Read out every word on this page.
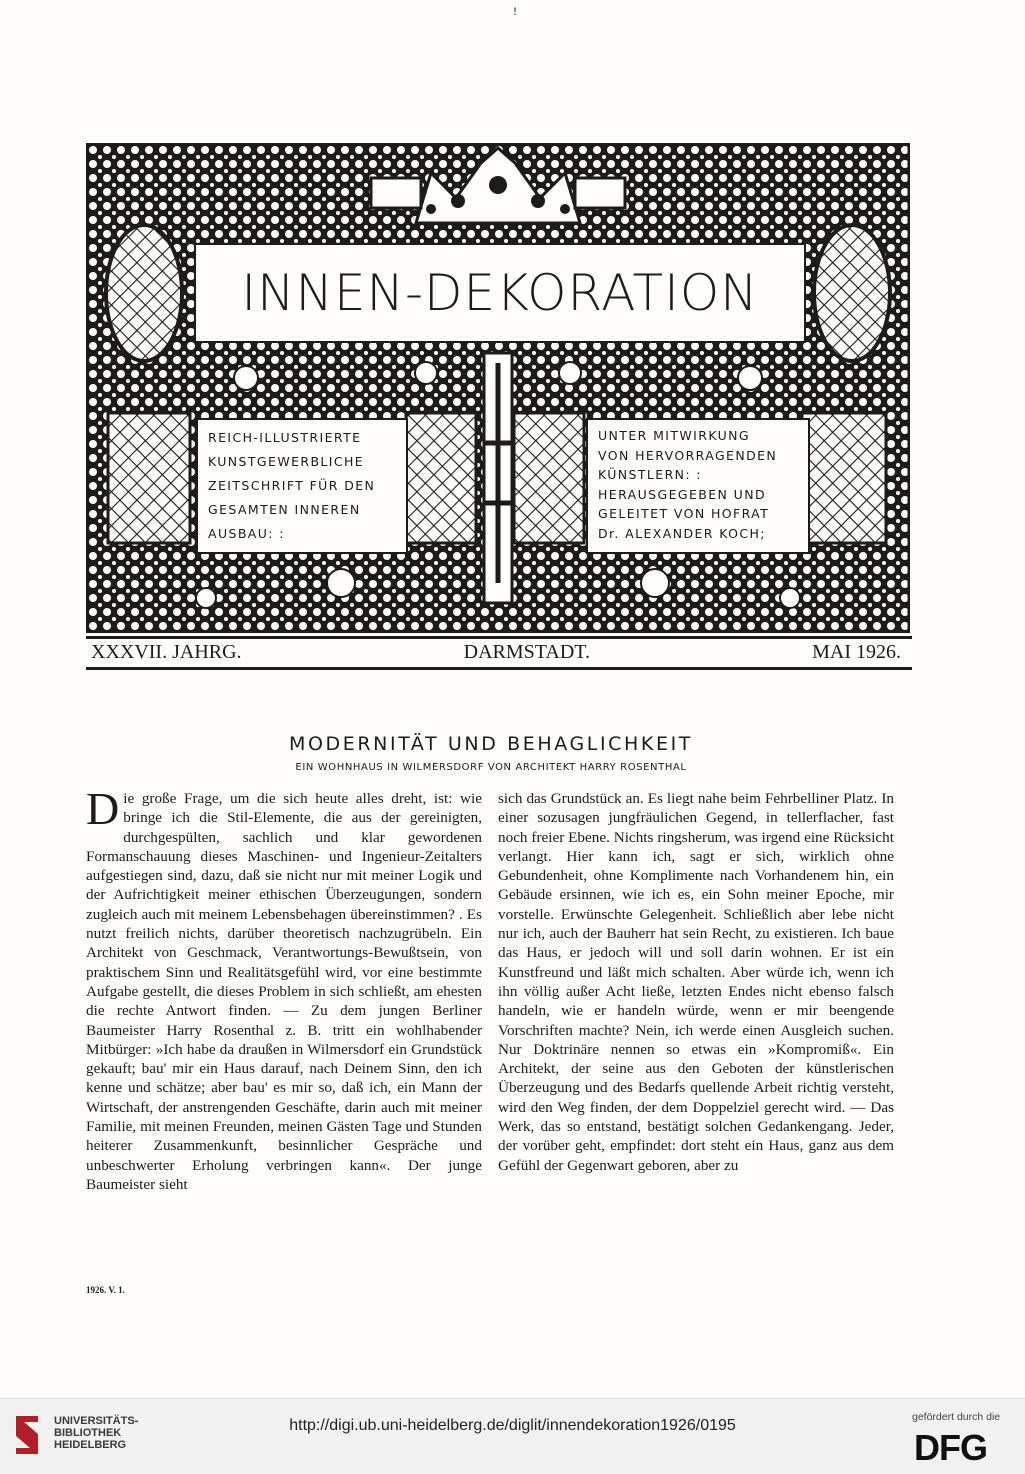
!
INNEN-DEKORATION
REICH-ILLUSTRIERTE
KUNSTGEWERBLICHE
ZEITSCHRIFT FÜR DEN
GESAMTEN INNEREN
AUSBAU: :
UNTER MITWIRKUNG
VON HERVORRAGENDEN
KÜNSTLERN: :
HERAUSGEGEBEN UND
GELEITET VON HOFRAT
Dr. ALEXANDER KOCH;
XXXVII. JAHRG.	DARMSTADT.	MAI 1926.
MODERNITÄT UND BEHAGLICHKEIT

EIN WOHNHAUS IN WILMERSDORF VON ARCHITEKT HARRY ROSENTHAL

D ie große Frage, um die sich heute alles dreht, ist: wie bringe ich die Stil-Elemente, die aus der gereinigten, durchgespülten, sachlich und klar gewordenen Formanschauung dieses Maschinen- und Ingenieur-Zeitalters aufgestiegen sind, dazu, daß sie nicht nur mit meiner Logik und der Aufrichtigkeit meiner ethischen Überzeugungen, sondern zugleich auch mit meinem Lebensbehagen übereinstimmen? . Es nutzt freilich nichts, darüber theoretisch nachzugrübeln. Ein Architekt von Geschmack, Verantwortungs-Bewußtsein, von praktischem Sinn und Realitätsgefühl wird, vor eine bestimmte Aufgabe gestellt, die dieses Problem in sich schließt, am ehesten die rechte Antwort finden. — Zu dem jungen Berliner Baumeister Harry Rosenthal z. B. tritt ein wohlhabender Mitbürger: »Ich habe da draußen in Wilmersdorf ein Grundstück gekauft; bau' mir ein Haus darauf, nach Deinem Sinn, den ich kenne und schätze; aber bau' es mir so, daß ich, ein Mann der Wirtschaft, der anstrengenden Geschäfte, darin auch mit meiner Familie, mit meinen Freunden, meinen Gästen Tage und Stunden heiterer Zusammenkunft, besinnlicher Gespräche und unbeschwerter Erholung verbringen kann«. Der junge Baumeister sieht

sich das Grundstück an. Es liegt nahe beim Fehrbelliner Platz. In einer sozusagen jungfräulichen Gegend, in tellerflacher, fast noch freier Ebene. Nichts ringsherum, was irgend eine Rücksicht verlangt. Hier kann ich, sagt er sich, wirklich ohne Gebundenheit, ohne Komplimente nach Vorhandenem hin, ein Gebäude ersinnen, wie ich es, ein Sohn meiner Epoche, mir vorstelle. Erwünschte Gelegenheit. Schließlich aber lebe nicht nur ich, auch der Bauherr hat sein Recht, zu existieren. Ich baue das Haus, er jedoch will und soll darin wohnen. Er ist ein Kunstfreund und läßt mich schalten. Aber würde ich, wenn ich ihn völlig außer Acht ließe, letzten Endes nicht ebenso falsch handeln, wie er handeln würde, wenn er mir beengende Vorschriften machte? Nein, ich werde einen Ausgleich suchen. Nur Doktrinäre nennen so etwas ein »Kompromiß«. Ein Architekt, der seine aus den Geboten der künstlerischen Überzeugung und des Bedarfs quellende Arbeit richtig versteht, wird den Weg finden, der dem Doppelziel gerecht wird. — Das Werk, das so entstand, bestätigt solchen Gedankengang. Jeder, der vorüber geht, empfindet: dort steht ein Haus, ganz aus dem Gefühl der Gegenwart geboren, aber zu

1926. V. 1.
UNIVERSITÄTS-
BIBLIOTHEK
HEIDELBERG
http://digi.ub.uni-heidelberg.de/diglit/innendekoration1926/0195	gefördert durch die
DFG
